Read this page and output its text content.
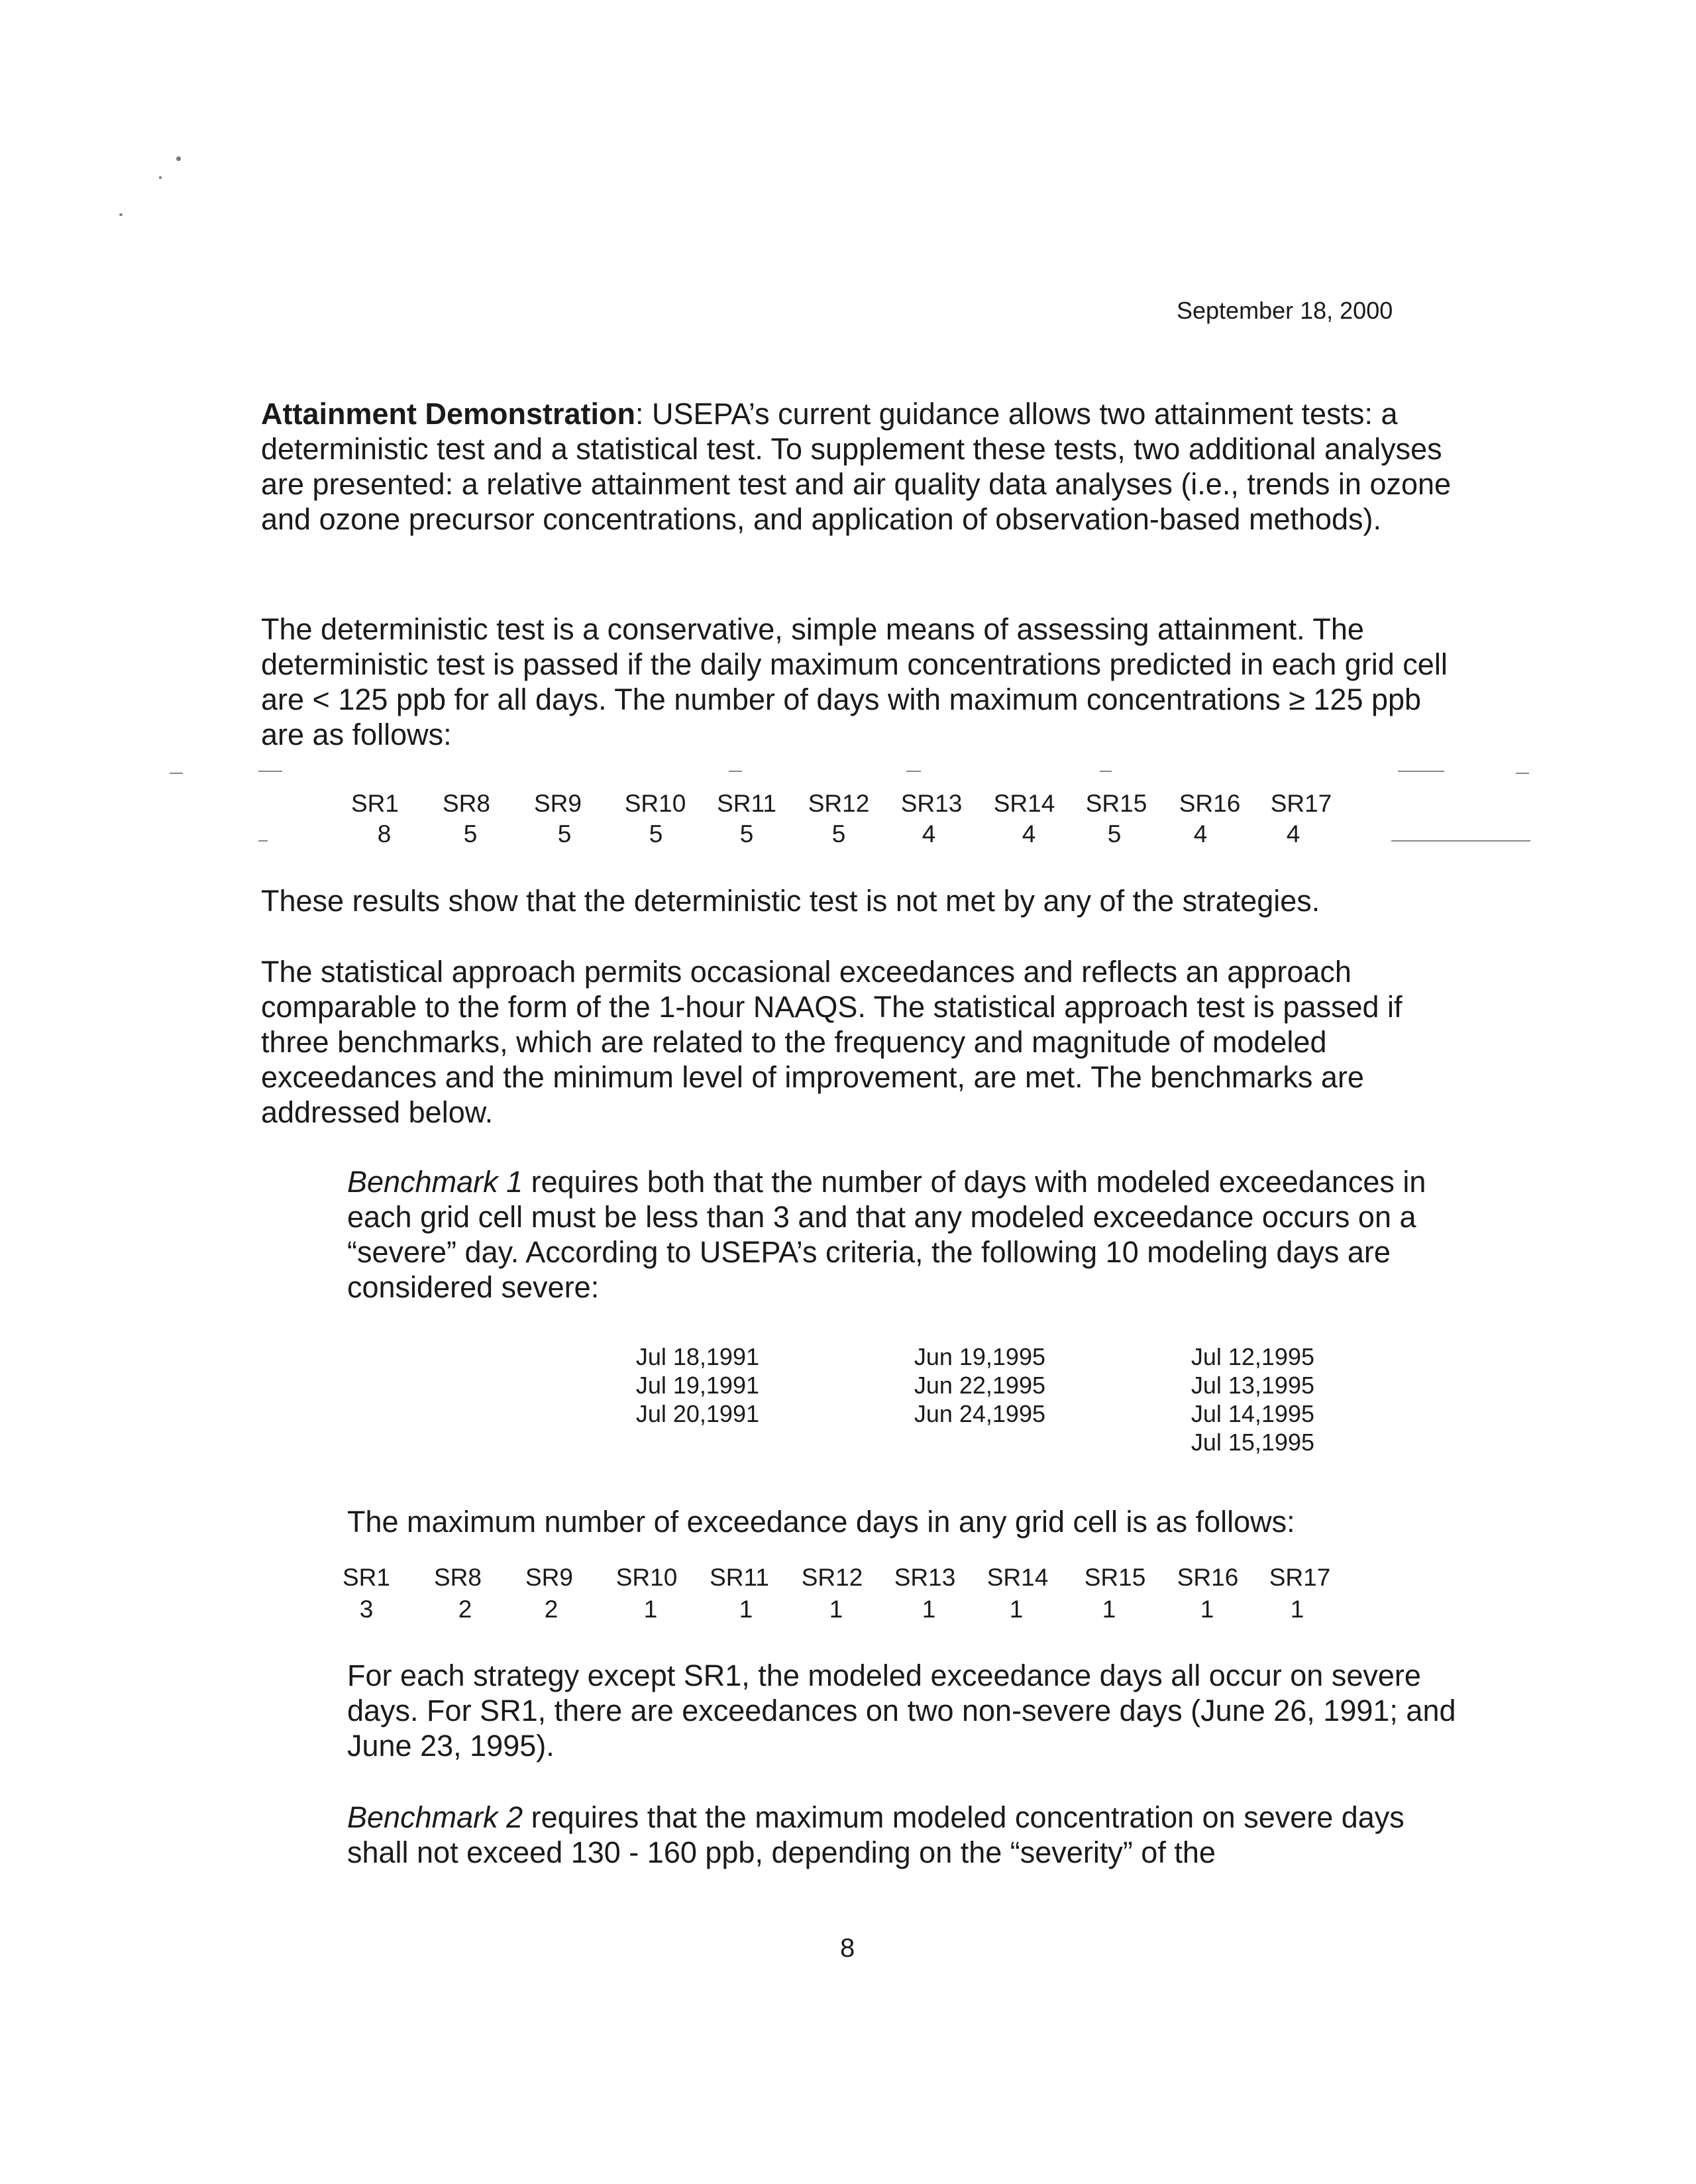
September 18, 2000

Attainment Demonstration: USEPA’s current guidance allows two attainment tests: a deterministic test and a statistical test. To supplement these tests, two additional analyses are presented: a relative attainment test and air quality data analyses (i.e., trends in ozone and ozone precursor concentrations, and application of observation-based methods).

The deterministic test is a conservative, simple means of assessing attainment. The deterministic test is passed if the daily maximum concentrations predicted in each grid cell are < 125 ppb for all days. The number of days with maximum concentrations ≥ 125 ppb are as follows:

SR1 SR8 SR9 SR10 SR11 SR12 SR13 SR14 SR15 SR16 SR17
8	5	5	5	5	5	4	4	5	4	4

These results show that the deterministic test is not met by any of the strategies.

The statistical approach permits occasional exceedances and reflects an approach comparable to the form of the 1-hour NAAQS. The statistical approach test is passed if three benchmarks, which are related to the frequency and magnitude of modeled exceedances and the minimum level of improvement, are met. The benchmarks are addressed below.

Benchmark 1 requires both that the number of days with modeled exceedances in each grid cell must be less than 3 and that any modeled exceedance occurs on a “severe” day. According to USEPA’s criteria, the following 10 modeling days are considered severe:

Jul 18,1991
Jul 19,1991
Jul 20,1991
Jun 19,1995
Jun 22,1995
Jun 24,1995
Jul 12,1995
Jul 13,1995
Jul 14,1995
Jul 15,1995

The maximum number of exceedance days in any grid cell is as follows:

SR1 SR8 SR9 SR10 SR11 SR12 SR13 SR14 SR15 SR16 SR17
3	2	2	1	1	1	1	1	1	1	1

For each strategy except SR1, the modeled exceedance days all occur on severe days. For SR1, there are exceedances on two non-severe days (June 26, 1991; and June 23, 1995).

Benchmark 2 requires that the maximum modeled concentration on severe days shall not exceed 130 - 160 ppb, depending on the “severity” of the

8
